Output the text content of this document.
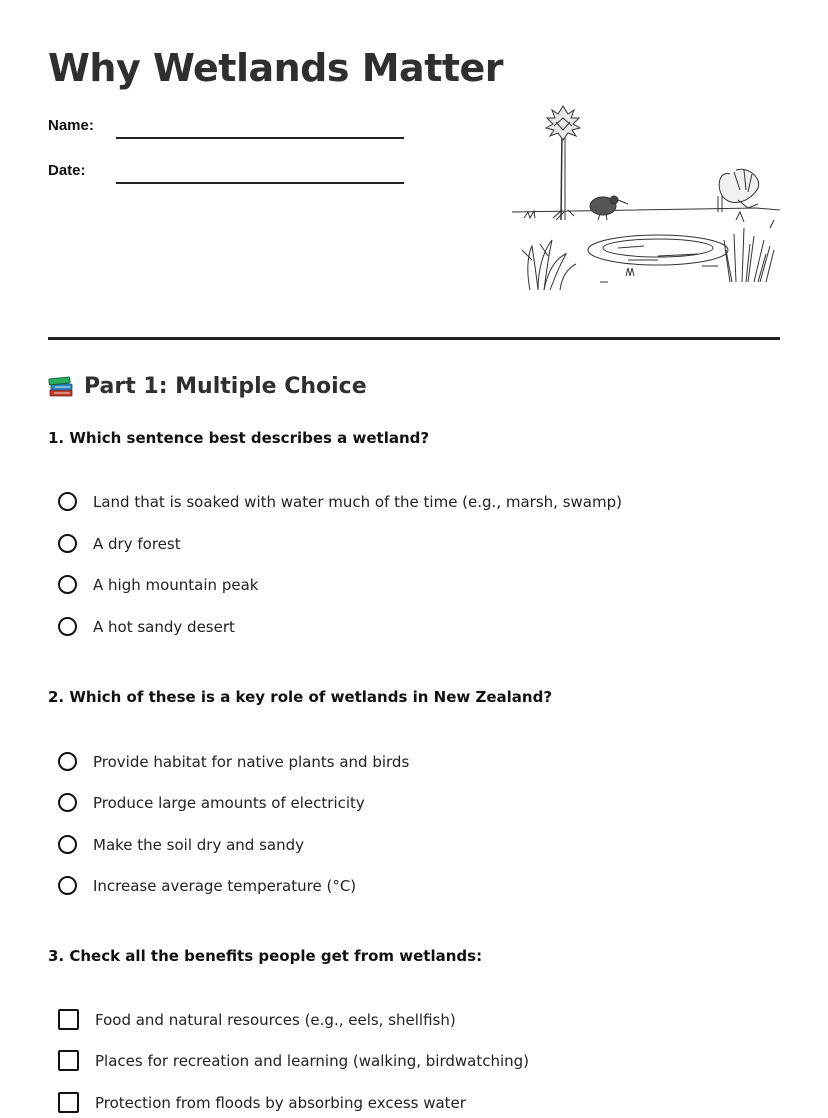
Why Wetlands Matter
Name:
Date:
Part 1: Multiple Choice
1. Which sentence best describes a wetland?
Land that is soaked with water much of the time (e.g., marsh, swamp)
A dry forest
A high mountain peak
A hot sandy desert
2. Which of these is a key role of wetlands in New Zealand?
Provide habitat for native plants and birds
Produce large amounts of electricity
Make the soil dry and sandy
Increase average temperature (°C)
3. Check all the benefits people get from wetlands:
Food and natural resources (e.g., eels, shellfish)
Places for recreation and learning (walking, birdwatching)
Protection from floods by absorbing excess water
